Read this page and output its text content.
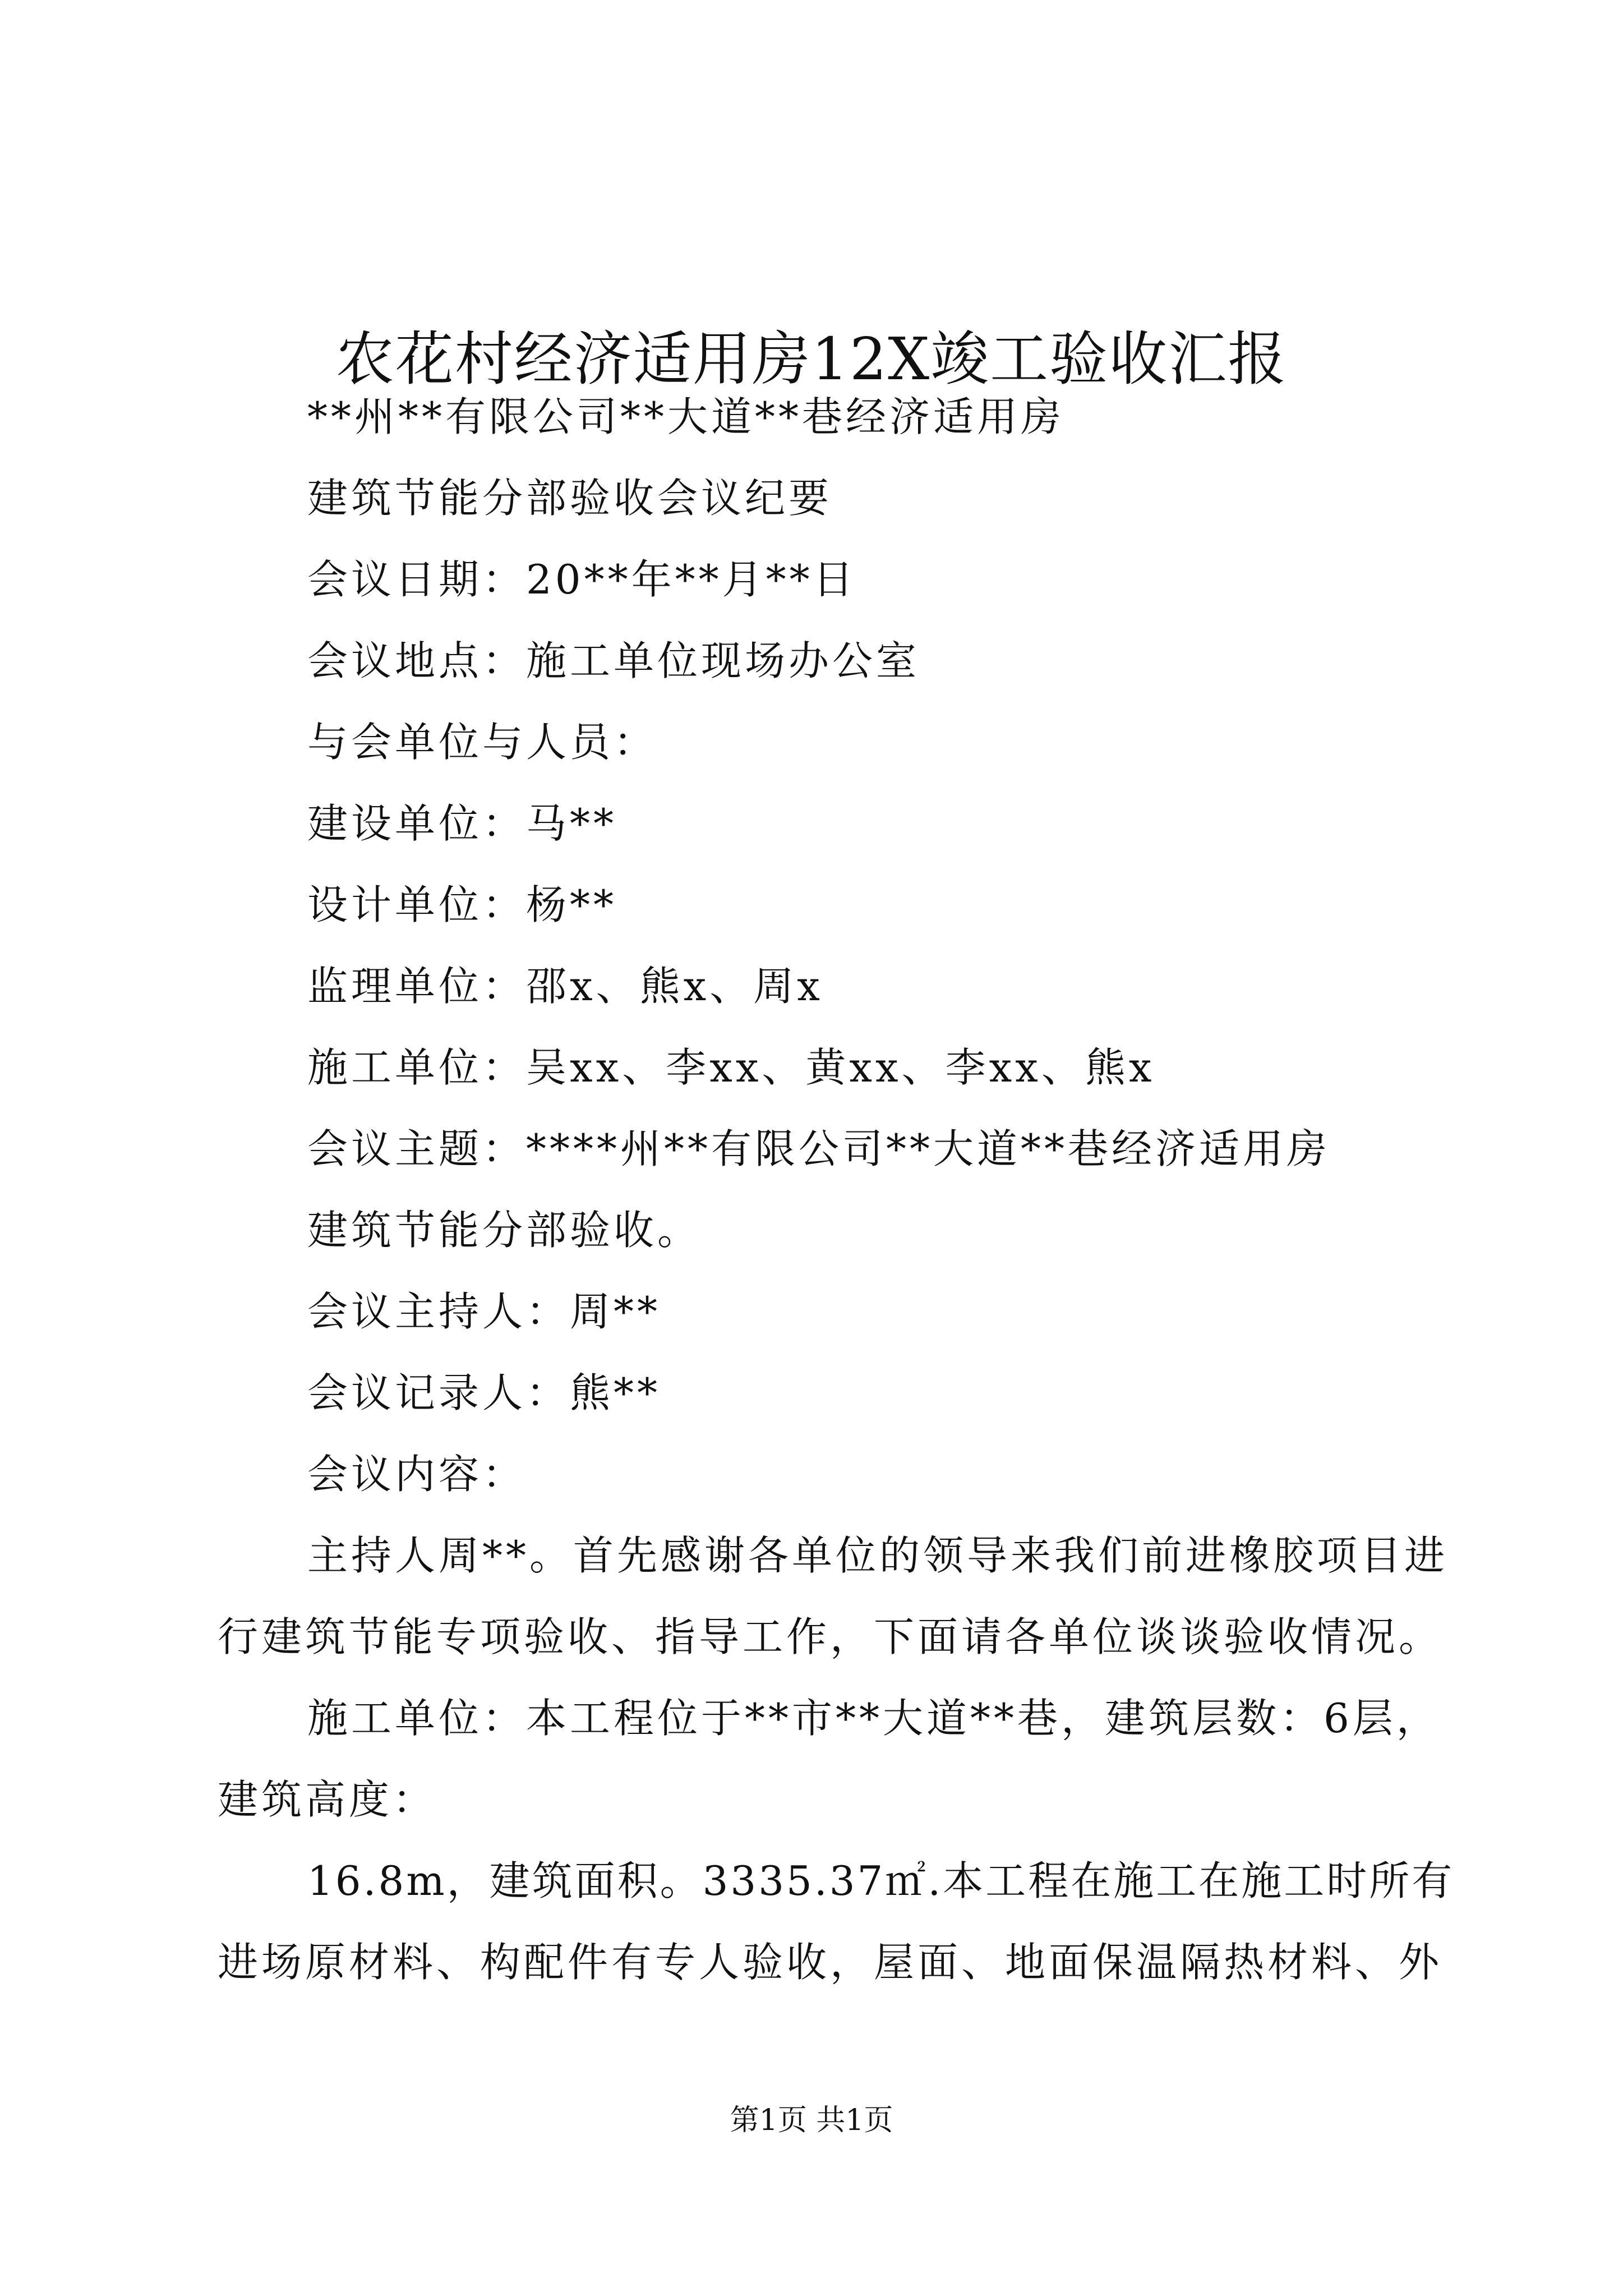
农花村经济适用房12X竣工验收汇报
**州**有限公司**大道**巷经济适用房
建筑节能分部验收会议纪要
会议日期：20**年**月**日
会议地点：施工单位现场办公室
与会单位与人员：
建设单位：马**
设计单位：杨**
监理单位：邵x、熊x、周x
施工单位：吴xx、李xx、黄xx、李xx、熊x
会议主题：****州**有限公司**大道**巷经济适用房
建筑节能分部验收。
会议主持人：周**
会议记录人：熊**
会议内容：
主持人周**。首先感谢各单位的领导来我们前进橡胶项目进
行建筑节能专项验收、指导工作，下面请各单位谈谈验收情况。
施工单位：本工程位于**市**大道**巷，建筑层数：6层，
建筑高度：
16.8m，建筑面积。3335.37㎡.本工程在施工在施工时所有
进场原材料、构配件有专人验收，屋面、地面保温隔热材料、外
第1页 共1页
